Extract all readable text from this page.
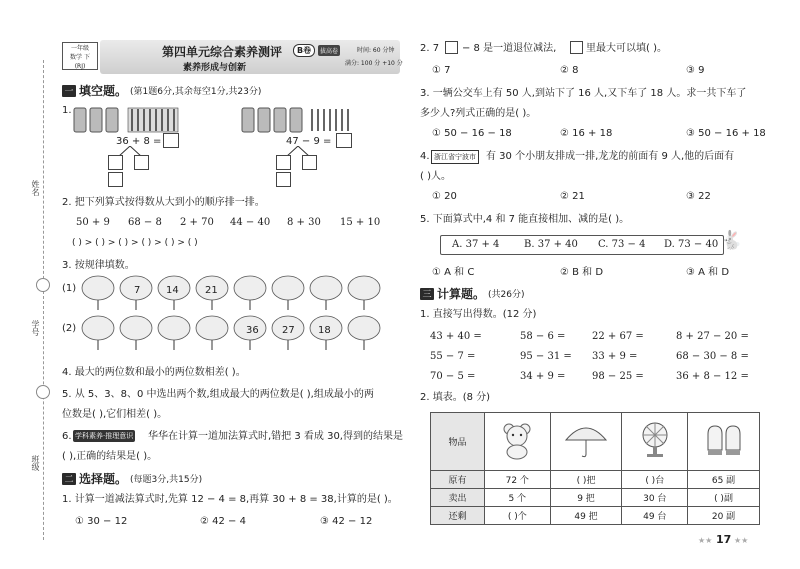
姓名
学号
班级
一年级
数学 下
(RJ)
第四单元综合素养测评	B卷	拔高卷
素养形成与创新
时间: 60 分钟
满分: 100 分 +10 分
一 填空题。 (第1题6分,其余每空1分,共23分)
1.
36 + 8 =	47 − 9 =
2. 把下列算式按得数从大到小的顺序排一排。
50 + 9 68 − 8 2 + 70 44 − 40 8 + 30 15 + 10
( ) > ( ) > ( ) > ( ) > ( ) > ( )
3. 按规律填数。
(1)	7	14	21
(2)	36 27 18
4. 最大的两位数和最小的两位数相差( )。
5. 从 5、3、8、0 中选出两个数,组成最大的两位数是( ),组成最小的两
位数是( ),它们相差( )。
6. 学科素养·推理意识 华华在计算一道加法算式时,错把 3 看成 30,得到的结果是
( ),正确的结果是( )。
二 选择题。 (每题3分,共15分)
1. 计算一道减法算式时,先算 12 − 4 = 8,再算 30 + 8 = 38,计算的是( )。
① 30 − 12	② 42 − 4	③ 42 − 12
2. 7 − 8 是一道退位减法,	里最大可以填( )。
① 7	② 8	③ 9
3. 一辆公交车上有 50 人,到站下了 16 人,又下车了 18 人。求一共下车了
多少人?列式正确的是( )。
① 50 − 16 − 18	② 16 + 18	③ 50 − 16 + 18
4. 浙江省宁波市	有 30 个小朋友排成一排,龙龙的前面有 9 人,他的后面有
( )人。
① 20	② 21	③ 22
5. 下面算式中,4 和 7 能直接相加、减的是( )。
A. 37 + 4 B. 37 + 40 C. 73 − 4 D. 73 − 40 🐇
① A 和 C	② B 和 D	③ A 和 D
三 计算题。 (共26分)
1. 直接写出得数。(12 分)
43 + 40 =	58 − 6 =	22 + 67 =	8 + 27 − 20 =
55 − 7 =	95 − 31 = 33 + 9 =	68 − 30 − 8 =
70 − 5 =	34 + 9 =	98 − 25 =	36 + 8 − 12 =
2. 填表。(8 分)
物品				
原有	72 个	( )把	( )台	65 副
卖出	5 个	9 把	30 台	( )副
还剩	( )个	49 把	49 台	20 副
★★ 17 ★★
